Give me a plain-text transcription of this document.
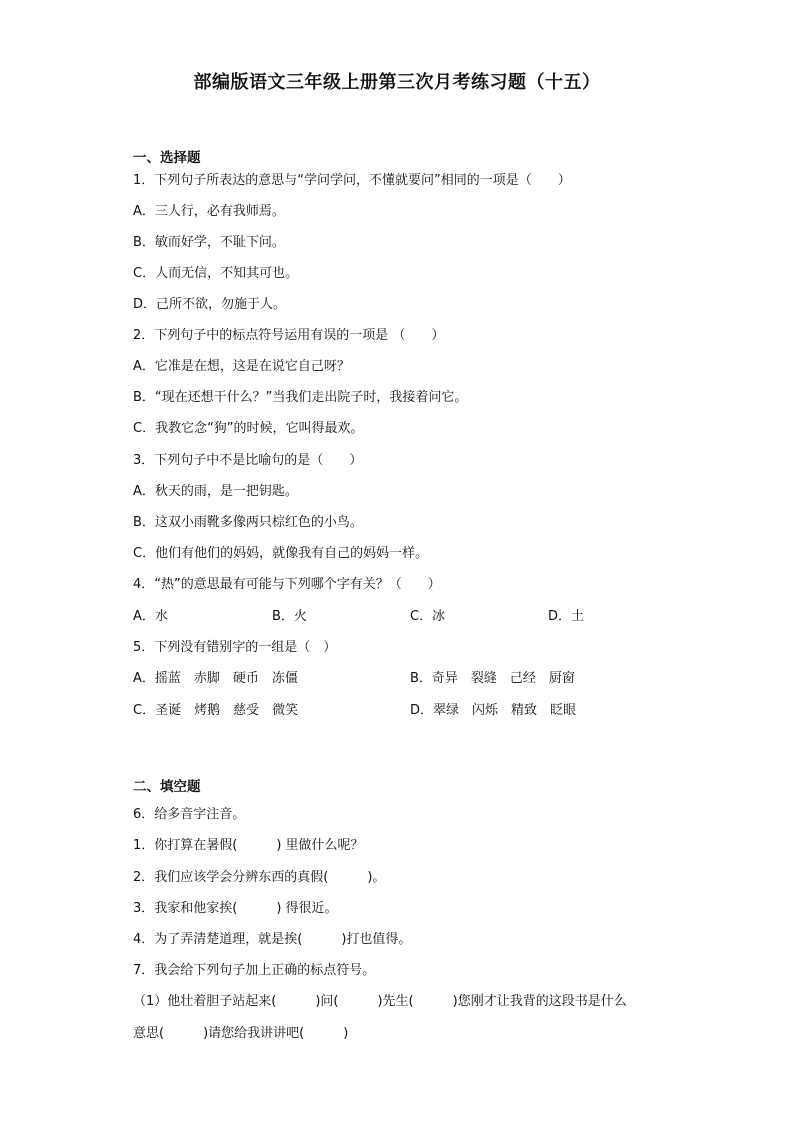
部编版语文三年级上册第三次月考练习题（十五）
一、选择题
1．下列句子所表达的意思与“学问学问，不懂就要问”相同的一项是（　　）
A．三人行，必有我师焉。
B．敏而好学，不耻下问。
C．人而无信，不知其可也。
D．己所不欲，勿施于人。
2．下列句子中的标点符号运用有误的一项是 （　　）
A．它准是在想，这是在说它自己呀？
B．“现在还想干什么？”当我们走出院子时，我接着问它。
C．我教它念“狗”的时候，它叫得最欢。
3．下列句子中不是比喻句的是（　　）
A．秋天的雨，是一把钥匙。
B．这双小雨靴多像两只棕红色的小鸟。
C．他们有他们的妈妈，就像我有自己的妈妈一样。
4．“热”的意思最有可能与下列哪个字有关？（　　）
A．水	B．火	C．冰	D．土
5．下列没有错别字的一组是（　）
A．摇蓝　赤脚　硬币　冻僵	B．奇异　裂缝　己经　厨窗
C．圣诞　烤鹅　慈受　微笑	D．翠绿　闪烁　精致　眨眼
二、填空题
6．给多音字注音。
1．你打算在暑假(　　　) 里做什么呢？
2．我们应该学会分辨东西的真假(　　　)。
3．我家和他家挨(　　　) 得很近。
4．为了弄清楚道理，就是挨(　　　)打也值得。
7．我会给下列句子加上正确的标点符号。
（1）他壮着胆子站起来(　　　)问(　　　)先生(　　　)您刚才让我背的这段书是什么
意思(　　　)请您给我讲讲吧(　　　)
